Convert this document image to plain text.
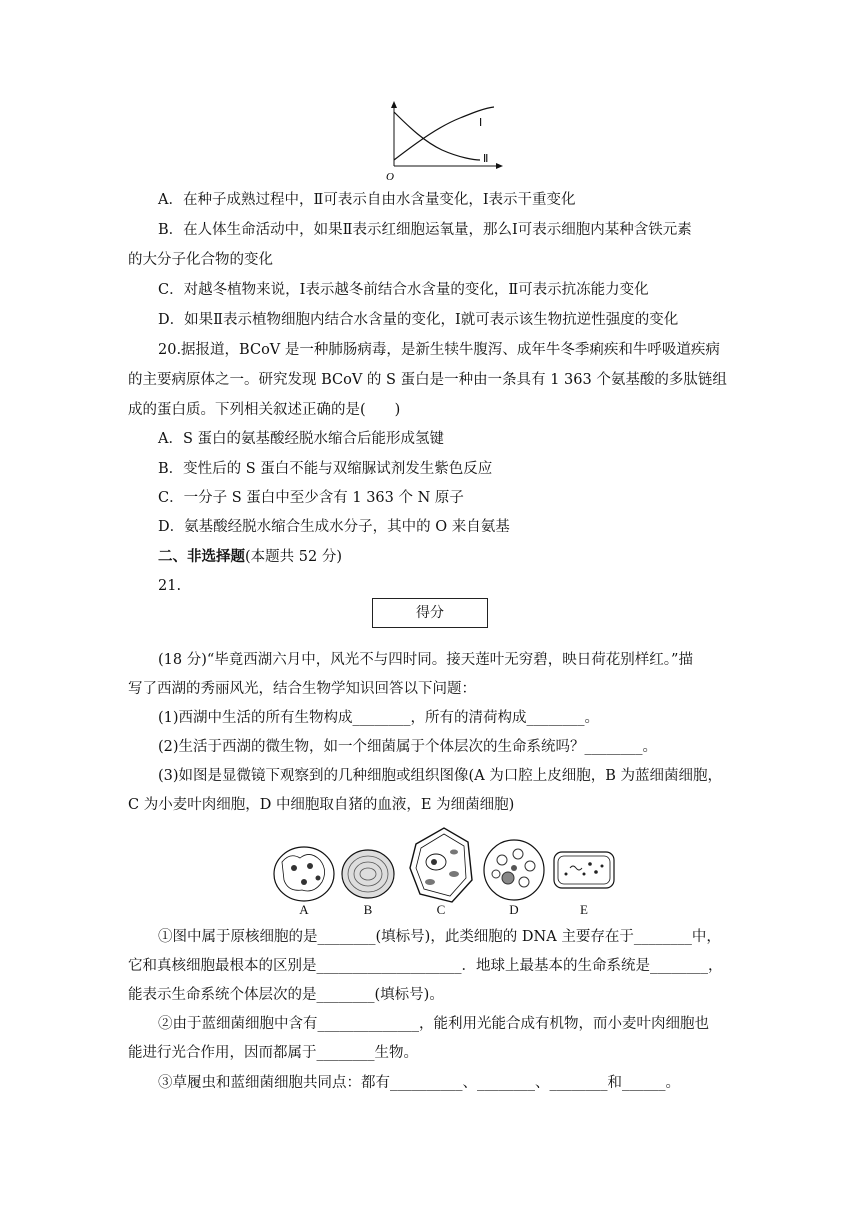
O
Ⅰ
Ⅱ
A．在种子成熟过程中，Ⅱ可表示自由水含量变化，Ⅰ表示干重变化
B．在人体生命活动中，如果Ⅱ表示红细胞运氧量，那么Ⅰ可表示细胞内某种含铁元素
的大分子化合物的变化
C．对越冬植物来说，Ⅰ表示越冬前结合水含量的变化，Ⅱ可表示抗冻能力变化
D．如果Ⅱ表示植物细胞内结合水含量的变化，Ⅰ就可表示该生物抗逆性强度的变化
20.据报道，BCoV 是一种肺肠病毒，是新生犊牛腹泻、成年牛冬季痢疾和牛呼吸道疾病
的主要病原体之一。研究发现 BCoV 的 S 蛋白是一种由一条具有 1 363 个氨基酸的多肽链组
成的蛋白质。下列相关叙述正确的是(　　)
A．S 蛋白的氨基酸经脱水缩合后能形成氢键
B．变性后的 S 蛋白不能与双缩脲试剂发生紫色反应
C．一分子 S 蛋白中至少含有 1 363 个 N 原子
D．氨基酸经脱水缩合生成水分子，其中的 O 来自氨基
二、非选择题(本题共 52 分)
21.
得分
(18 分)“毕竟西湖六月中，风光不与四时同。接天莲叶无穷碧，映日荷花别样红。”描
写了西湖的秀丽风光，结合生物学知识回答以下问题：
(1)西湖中生活的所有生物构成________，所有的清荷构成________。
(2)生活于西湖的微生物，如一个细菌属于个体层次的生命系统吗？________。
(3)如图是显微镜下观察到的几种细胞或组织图像(A 为口腔上皮细胞，B 为蓝细菌细胞，
C 为小麦叶肉细胞，D 中细胞取自猪的血液，E 为细菌细胞)
A	B	C	D	E
①图中属于原核细胞的是________(填标号)，此类细胞的 DNA 主要存在于________中，
它和真核细胞最根本的区别是____________________．地球上最基本的生命系统是________，
能表示生命系统个体层次的是________(填标号)。
②由于蓝细菌细胞中含有______________，能利用光能合成有机物，而小麦叶肉细胞也
能进行光合作用，因而都属于________生物。
③草履虫和蓝细菌细胞共同点：都有__________、________、________和______。
